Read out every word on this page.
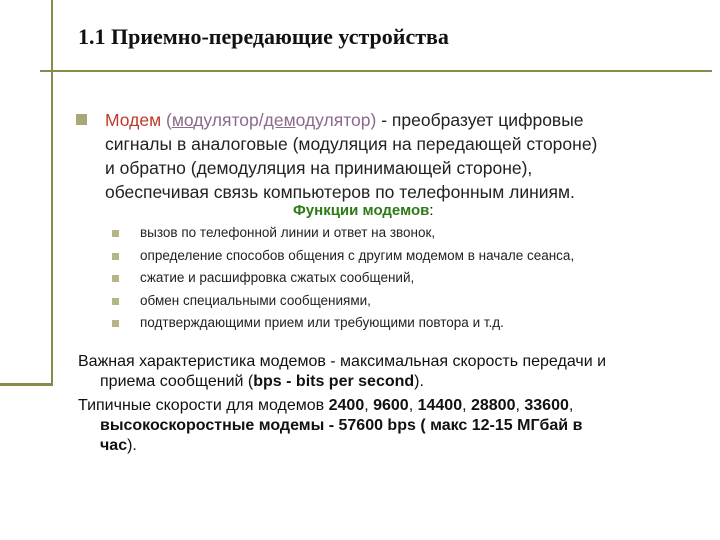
1.1 Приемно-передающие устройства
Модем (модулятор/демодулятор) - преобразует цифровые
сигналы в аналоговые (модуляция на передающей стороне)
и обратно (демодуляция на принимающей стороне),
обеспечивая связь компьютеров по телефонным линиям.
Функции модемов:
вызов по телефонной линии и ответ на звонок,
определение способов общения с другим модемом в начале сеанса,
сжатие и расшифровка сжатых сообщений,
обмен специальными сообщениями,
подтверждающими прием или требующими повтора и т.д.
Важная характеристика модемов - максимальная скорость передачи и
приема сообщений (bps - bits per second).
Типичные скорости для модемов 2400, 9600, 14400, 28800, 33600,
высокоскоростные модемы - 57600 bps ( макс 12-15 МГбай в
час).
